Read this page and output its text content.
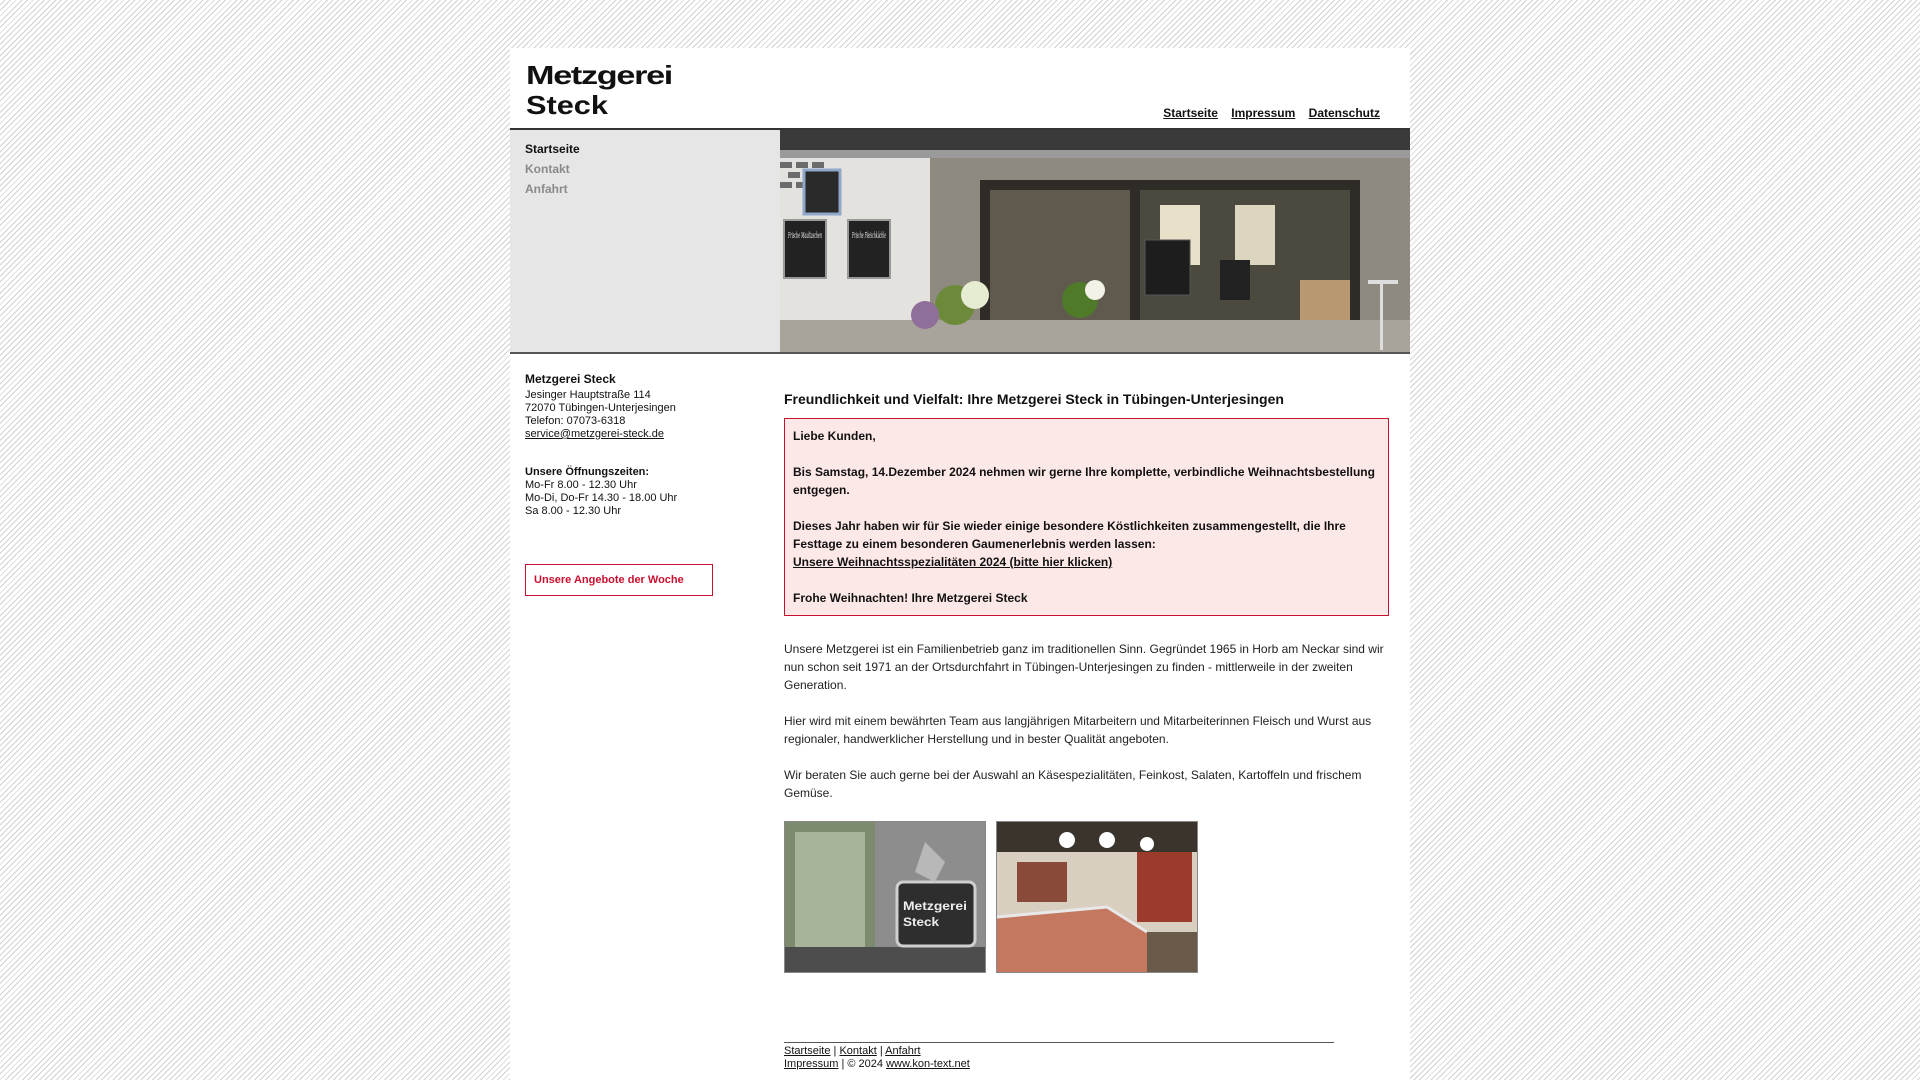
Metzgerei
Steck	Startseite Impressum Datenschutz
Startseite
Kontakt
Anfahrt
Frische Maultaschen	Frische Fleischküchle
Metzgerei Steck
Jesinger Hauptstraße 114
72070 Tübingen-Unterjesingen
Telefon: 07073-6318
service@metzgerei-steck.de
Unsere Öffnungszeiten:
Mo-Fr 8.00 - 12.30 Uhr
Mo-Di, Do-Fr 14.30 - 18.00 Uhr
Sa 8.00 - 12.30 Uhr
Unsere Angebote der Woche
Freundlichkeit und Vielfalt: Ihre Metzgerei Steck in Tübingen-Unterjesingen

Liebe Kunden,

Bis Samstag, 14.Dezember 2024 nehmen wir gerne Ihre komplette, verbindliche Weihnachtsbestellung entgegen.

Dieses Jahr haben wir für Sie wieder einige besondere Köstlichkeiten zusammengestellt, die Ihre Festtage zu einem besonderen Gaumenerlebnis werden lassen:
Unsere Weihnachtsspezialitäten 2024 (bitte hier klicken)

Frohe Weihnachten! Ihre Metzgerei Steck

Unsere Metzgerei ist ein Familienbetrieb ganz im traditionellen Sinn. Gegründet 1965 in Horb am Neckar sind wir nun schon seit 1971 an der Ortsdurchfahrt in Tübingen-Unterjesingen zu finden - mittlerweile in der zweiten Generation.

Hier wird mit einem bewährten Team aus langjährigen Mitarbeitern und Mitarbeiterinnen Fleisch und Wurst aus regionaler, handwerklicher Herstellung und in bester Qualität angeboten.

Wir beraten Sie auch gerne bei der Auswahl an Käsespezialitäten, Feinkost, Salaten, Kartoffeln und frischem Gemüse.

Metzgerei
Steck
Startseite | Kontakt | Anfahrt
Impressum | © 2024 www.kon-text.net
